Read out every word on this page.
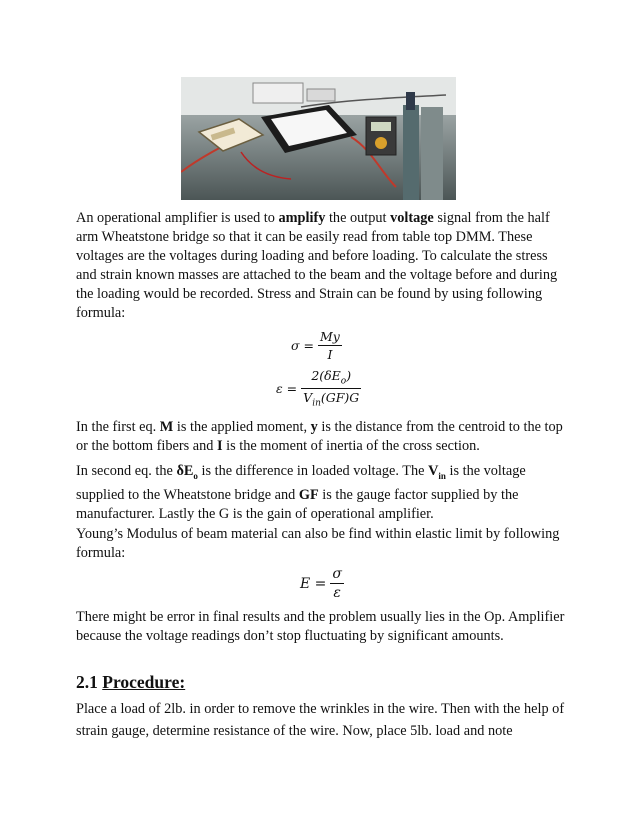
An operational amplifier is used to amplify the output voltage signal from the half arm Wheatstone bridge so that it can be easily read from table top DMM. These voltages are the voltages during loading and before loading. To calculate the stress and strain known masses are attached to the beam and the voltage before and during the loading would be recorded. Stress and Strain can be found by using following formula:

$\sigma = \frac{My}{I}$
$\varepsilon = \frac{2(\delta E_o)}{V_{in}(GF)G}$

In the first eq. M is the applied moment, y is the distance from the centroid to the top or the bottom fibers and I is the moment of inertia of the cross section.

In second eq. the $\delta E_o$ is the difference in loaded voltage. The $V_{in}$ is the voltage supplied to the Wheatstone bridge and GF is the gauge factor supplied by the manufacturer. Lastly the G is the gain of operational amplifier.

Young’s Modulus of beam material can also be find within elastic limit by following formula:

$E = \frac{\sigma}{\varepsilon}$

There might be error in final results and the problem usually lies in the Op. Amplifier because the voltage readings don’t stop fluctuating by significant amounts.

2.1 Procedure:

Place a load of 2lb. in order to remove the wrinkles in the wire. Then with the help of strain gauge, determine resistance of the wire. Now, place 5lb. load and note
